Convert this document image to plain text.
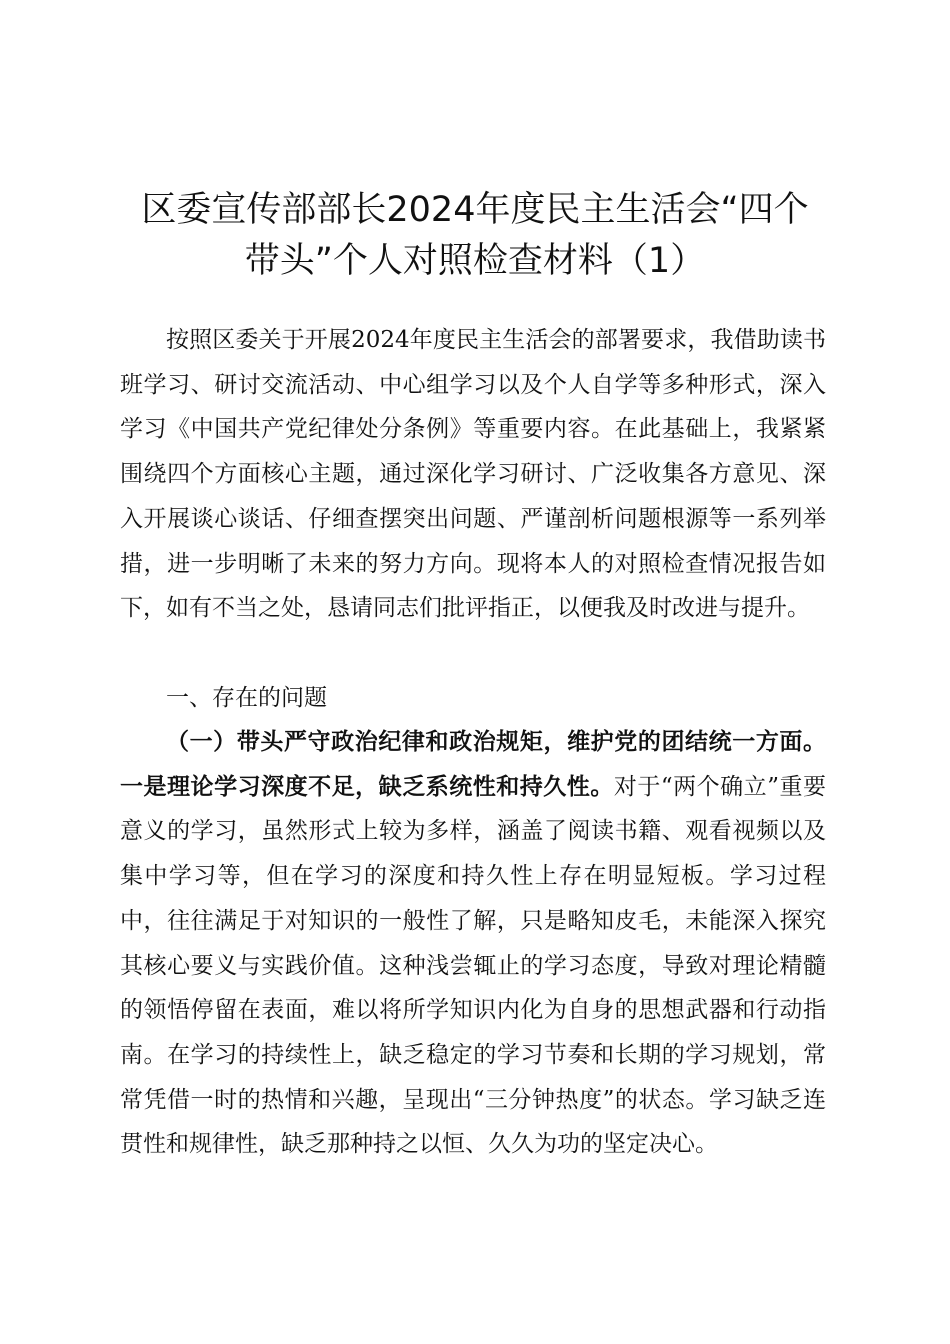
区委宣传部部长2024年度民主生活会“四个
带头”个人对照检查材料（1）

按照区委关于开展2024年度民主生活会的部署要求，我借助读书班学习、研讨交流活动、中心组学习以及个人自学等多种形式，深入学习《中国共产党纪律处分条例》等重要内容。在此基础上，我紧紧围绕四个方面核心主题，通过深化学习研讨、广泛收集各方意见、深入开展谈心谈话、仔细查摆突出问题、严谨剖析问题根源等一系列举措，进一步明晰了未来的努力方向。现将本人的对照检查情况报告如下，如有不当之处，恳请同志们批评指正，以便我及时改进与提升。

一、存在的问题

（一）带头严守政治纪律和政治规矩，维护党的团结统一方面。一是理论学习深度不足，缺乏系统性和持久性。对于“两个确立”重要意义的学习，虽然形式上较为多样，涵盖了阅读书籍、观看视频以及集中学习等，但在学习的深度和持久性上存在明显短板。学习过程中，往往满足于对知识的一般性了解，只是略知皮毛，未能深入探究其核心要义与实践价值。这种浅尝辄止的学习态度，导致对理论精髓的领悟停留在表面，难以将所学知识内化为自身的思想武器和行动指南。在学习的持续性上，缺乏稳定的学习节奏和长期的学习规划，常常凭借一时的热情和兴趣，呈现出“三分钟热度”的状态。学习缺乏连贯性和规律性，缺乏那种持之以恒、久久为功的坚定决心。
